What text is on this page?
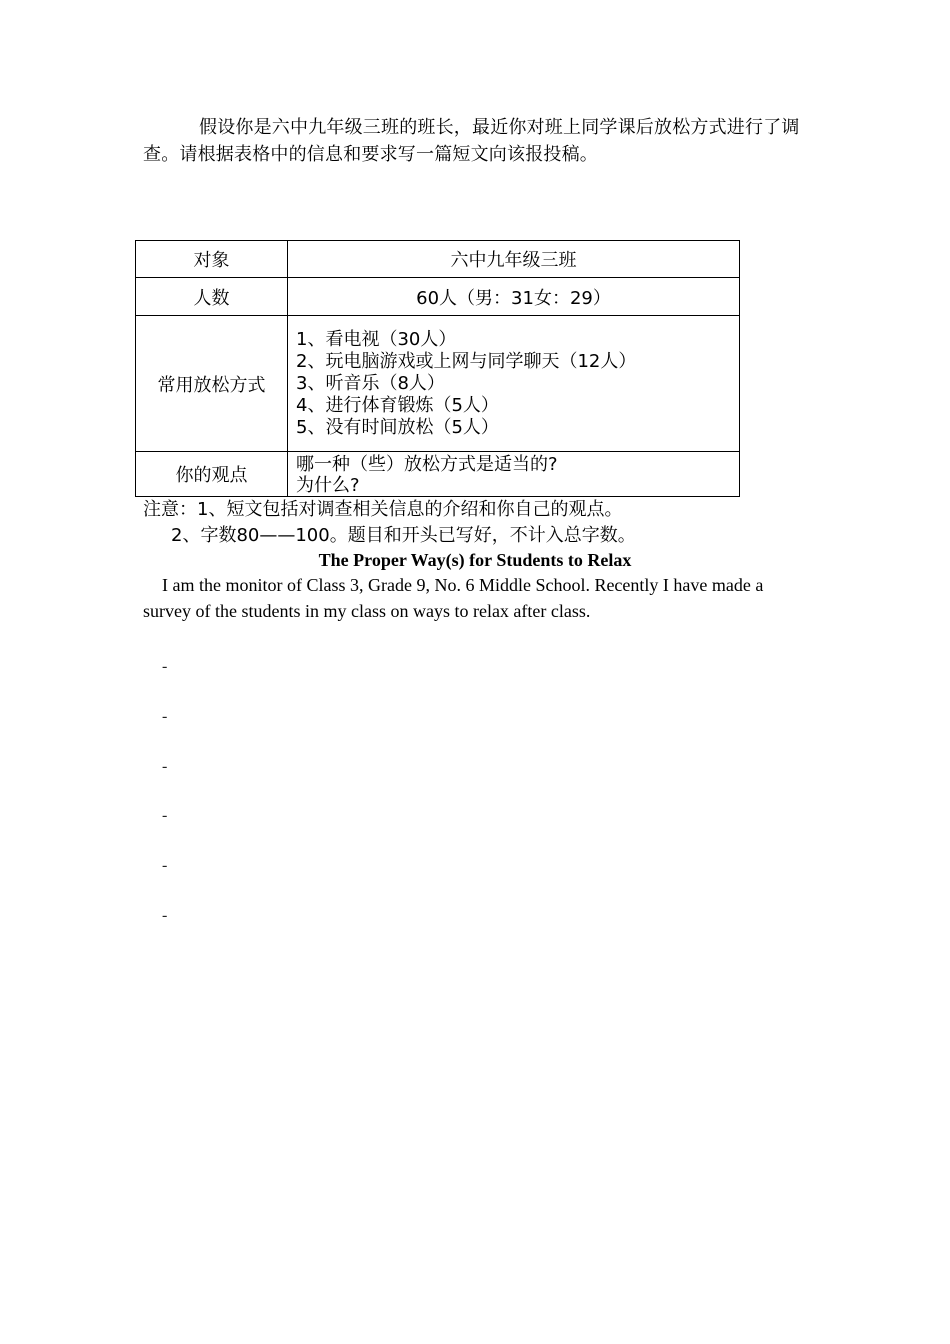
假设你是六中九年级三班的班长，最近你对班上同学课后放松方式进行了调查。请根据表格中的信息和要求写一篇短文向该报投稿。
对象	六中九年级三班
人数	60人（男：31女：29）
常用放松方式	1、看电视（30人）
2、玩电脑游戏或上网与同学聊天（12人）
3、听音乐（8人）
4、进行体育锻炼（5人）
5、没有时间放松（5人）

你的观点	哪一种（些）放松方式是适当的?
为什么?
注意：1、短文包括对调查相关信息的介绍和你自己的观点。
2、字数80——100。题目和开头已写好，不计入总字数。
The Proper Way(s) for Students to Relax
I am the monitor of Class 3, Grade 9, No. 6 Middle School. Recently I have made a survey of the students in my class on ways to relax after class.
-
-
-
-
-
-
